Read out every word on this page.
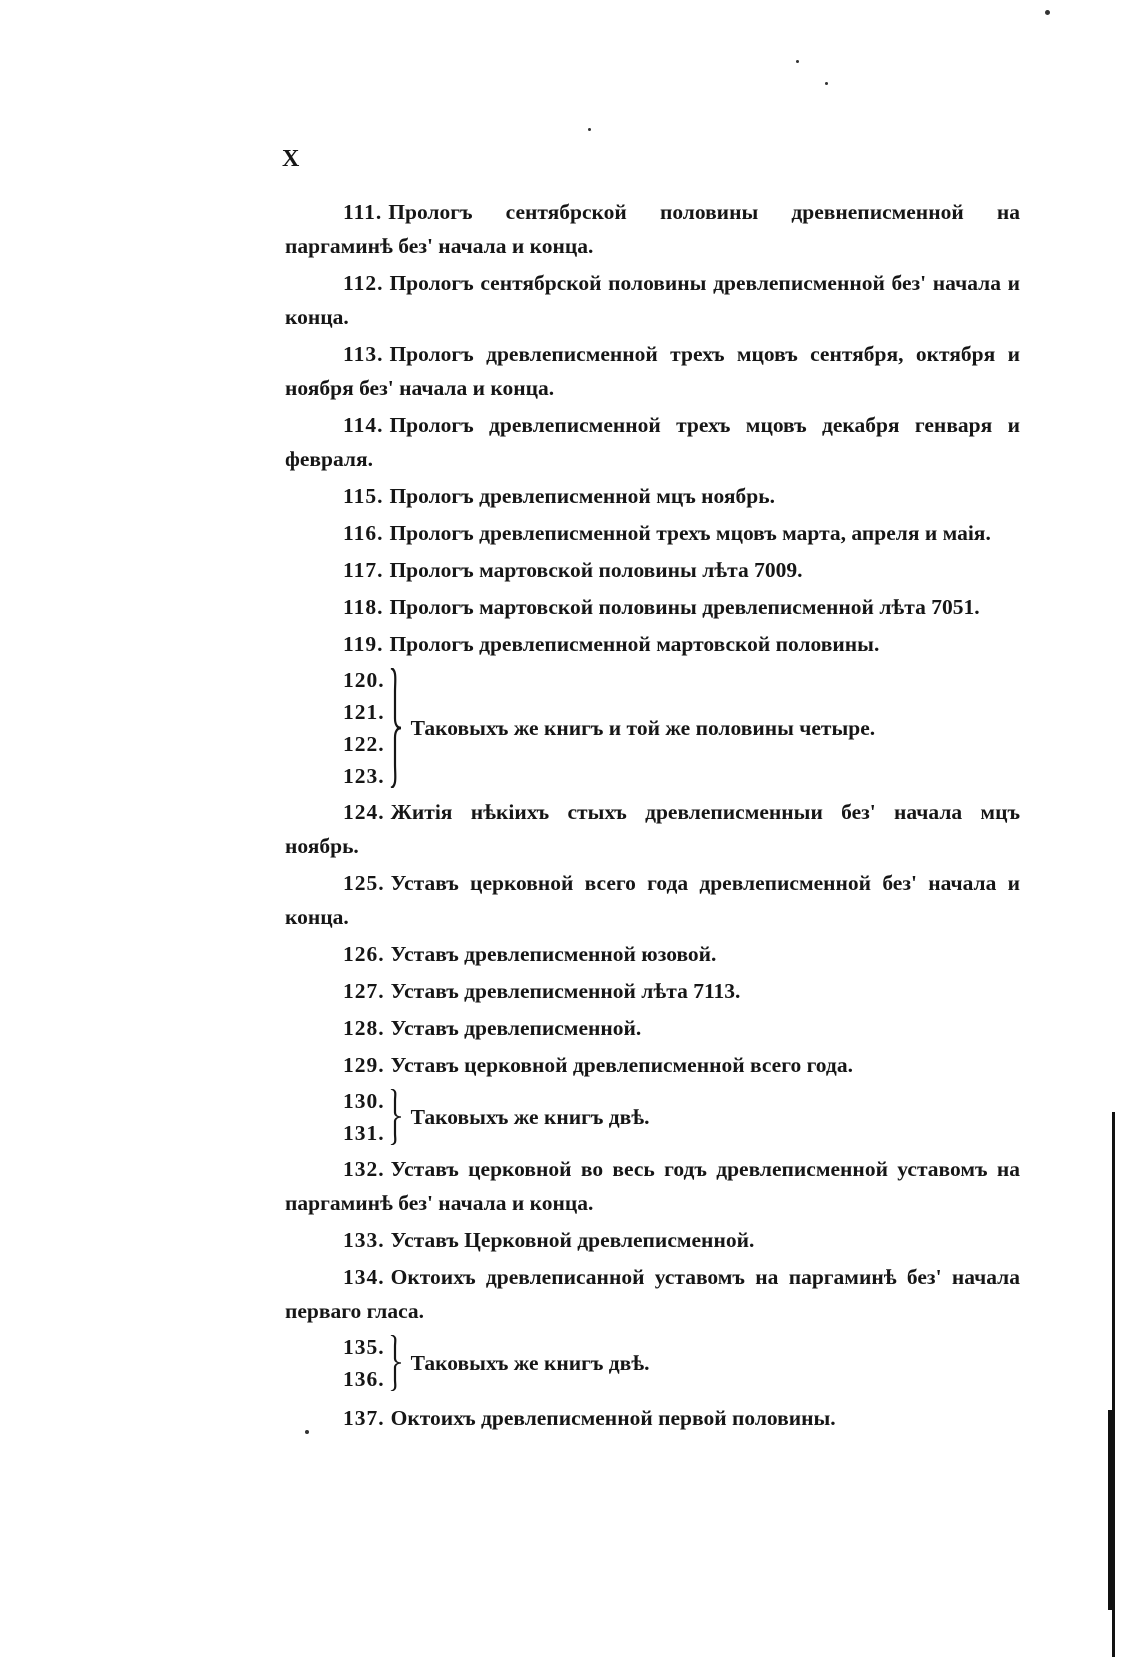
X

111. Прологъ сентябрской половины древнеписменной на паргаминѣ без' начала и конца.

112. Прологъ сентябрской половины древлеписменной без' начала и конца.

113. Прологъ древлеписменной трехъ мцовъ сентября, октября и ноября без' начала и конца.

114. Прологъ древлеписменной трехъ мцовъ декабря генваря и февраля.

115. Прологъ древлеписменной мцъ ноябрь.
116. Прологъ древлеписменной трехъ мцовъ марта, апрeля и маія.
117. Прологъ мартовской половины лѣта 7009.
118. Прологъ мартовской половины древлеписменной лѣта 7051.
119. Прологъ древлеписменной мартовской половины.
120.
121.
122.
123.
Таковыхъ же книгъ и той же половины четыре.

124. Житія нѣкіихъ стыхъ древлеписменныи без' начала мцъ ноябрь.

125. Уставъ церковной всего года древлеписменной без' начала и конца.

126. Уставъ древлеписменной юзовой.
127. Уставъ древлеписменной лѣта 7113.
128. Уставъ древлеписменной.
129. Уставъ церковной древлеписменной всего года.
130.
131.
Таковыхъ же книгъ двѣ.

132. Уставъ церковной во весь годъ древлеписменной уставомъ на паргаминѣ без' начала и конца.

133. Уставъ Церковной древлеписменной.

134. Октоихъ древлеписанной уставомъ на паргаминѣ без' начала перваго гласа.

135.
136.
Таковыхъ же книгъ двѣ.
137. Октоихъ древлеписменной первой половины.
